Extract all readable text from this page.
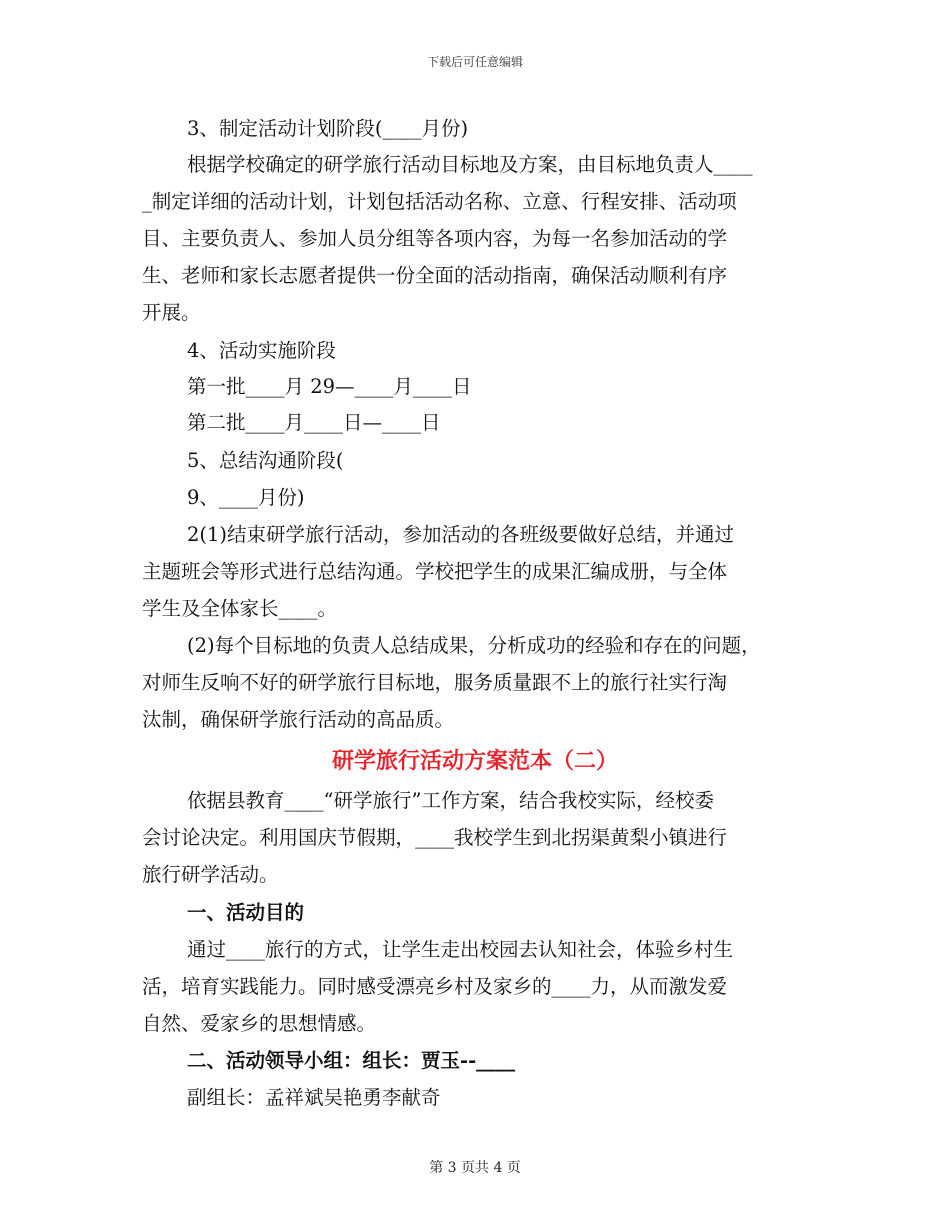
下载后可任意编辑
3、制定活动计划阶段(____月份)
根据学校确定的研学旅行活动目标地及方案，由目标地负责人____
_制定详细的活动计划，计划包括活动名称、立意、行程安排、活动项
目、主要负责人、参加人员分组等各项内容，为每一名参加活动的学
生、老师和家长志愿者提供一份全面的活动指南，确保活动顺利有序
开展。
4、活动实施阶段
第一批____月 29—____月____日
第二批____月____日—____日
5、总结沟通阶段(
9、____月份)
2(1)结束研学旅行活动，参加活动的各班级要做好总结，并通过
主题班会等形式进行总结沟通。学校把学生的成果汇编成册，与全体
学生及全体家长____。
(2)每个目标地的负责人总结成果，分析成功的经验和存在的问题，
对师生反响不好的研学旅行目标地，服务质量跟不上的旅行社实行淘
汰制，确保研学旅行活动的高品质。
研学旅行活动方案范本（二）
依据县教育____“研学旅行”工作方案，结合我校实际，经校委
会讨论决定。利用国庆节假期，____我校学生到北拐渠黄梨小镇进行
旅行研学活动。
一、活动目的
通过____旅行的方式，让学生走出校园去认知社会，体验乡村生
活，培育实践能力。同时感受漂亮乡村及家乡的____力，从而激发爱
自然、爱家乡的思想情感。
二、活动领导小组：组长：贾玉--____
副组长：孟祥斌吴艳勇李献奇
第 3 页共 4 页
